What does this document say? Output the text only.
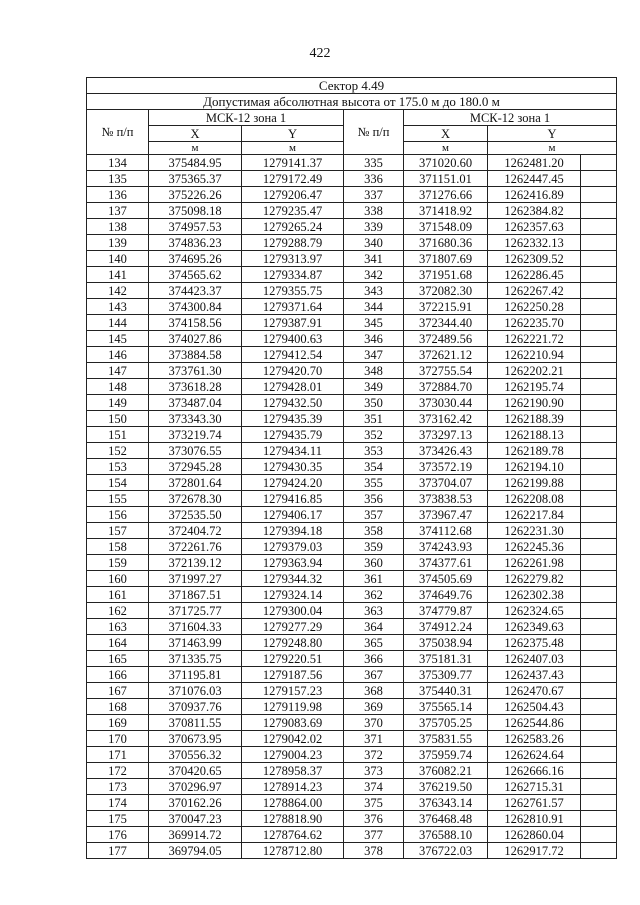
422
Сектор 4.49						
Допустимая абсолютная высота от 175.0 м до 180.0 м						
№ п/п	МСК-12 зона 1		№ п/п	МСК-12 зона 1		
	X	Y		X	Y	
	м	м		м	м	
134	375484.95	1279141.37	335	371020.60	1262481.20	
135	375365.37	1279172.49	336	371151.01	1262447.45	
136	375226.26	1279206.47	337	371276.66	1262416.89	
137	375098.18	1279235.47	338	371418.92	1262384.82	
138	374957.53	1279265.24	339	371548.09	1262357.63	
139	374836.23	1279288.79	340	371680.36	1262332.13	
140	374695.26	1279313.97	341	371807.69	1262309.52	
141	374565.62	1279334.87	342	371951.68	1262286.45	
142	374423.37	1279355.75	343	372082.30	1262267.42	
143	374300.84	1279371.64	344	372215.91	1262250.28	
144	374158.56	1279387.91	345	372344.40	1262235.70	
145	374027.86	1279400.63	346	372489.56	1262221.72	
146	373884.58	1279412.54	347	372621.12	1262210.94	
147	373761.30	1279420.70	348	372755.54	1262202.21	
148	373618.28	1279428.01	349	372884.70	1262195.74	
149	373487.04	1279432.50	350	373030.44	1262190.90	
150	373343.30	1279435.39	351	373162.42	1262188.39	
151	373219.74	1279435.79	352	373297.13	1262188.13	
152	373076.55	1279434.11	353	373426.43	1262189.78	
153	372945.28	1279430.35	354	373572.19	1262194.10	
154	372801.64	1279424.20	355	373704.07	1262199.88	
155	372678.30	1279416.85	356	373838.53	1262208.08	
156	372535.50	1279406.17	357	373967.47	1262217.84	
157	372404.72	1279394.18	358	374112.68	1262231.30	
158	372261.76	1279379.03	359	374243.93	1262245.36	
159	372139.12	1279363.94	360	374377.61	1262261.98	
160	371997.27	1279344.32	361	374505.69	1262279.82	
161	371867.51	1279324.14	362	374649.76	1262302.38	
162	371725.77	1279300.04	363	374779.87	1262324.65	
163	371604.33	1279277.29	364	374912.24	1262349.63	
164	371463.99	1279248.80	365	375038.94	1262375.48	
165	371335.75	1279220.51	366	375181.31	1262407.03	
166	371195.81	1279187.56	367	375309.77	1262437.43	
167	371076.03	1279157.23	368	375440.31	1262470.67	
168	370937.76	1279119.98	369	375565.14	1262504.43	
169	370811.55	1279083.69	370	375705.25	1262544.86	
170	370673.95	1279042.02	371	375831.55	1262583.26	
171	370556.32	1279004.23	372	375959.74	1262624.64	
172	370420.65	1278958.37	373	376082.21	1262666.16	
173	370296.97	1278914.23	374	376219.50	1262715.31	
174	370162.26	1278864.00	375	376343.14	1262761.57	
175	370047.23	1278818.90	376	376468.48	1262810.91	
176	369914.72	1278764.62	377	376588.10	1262860.04	
177	369794.05	1278712.80	378	376722.03	1262917.72	
